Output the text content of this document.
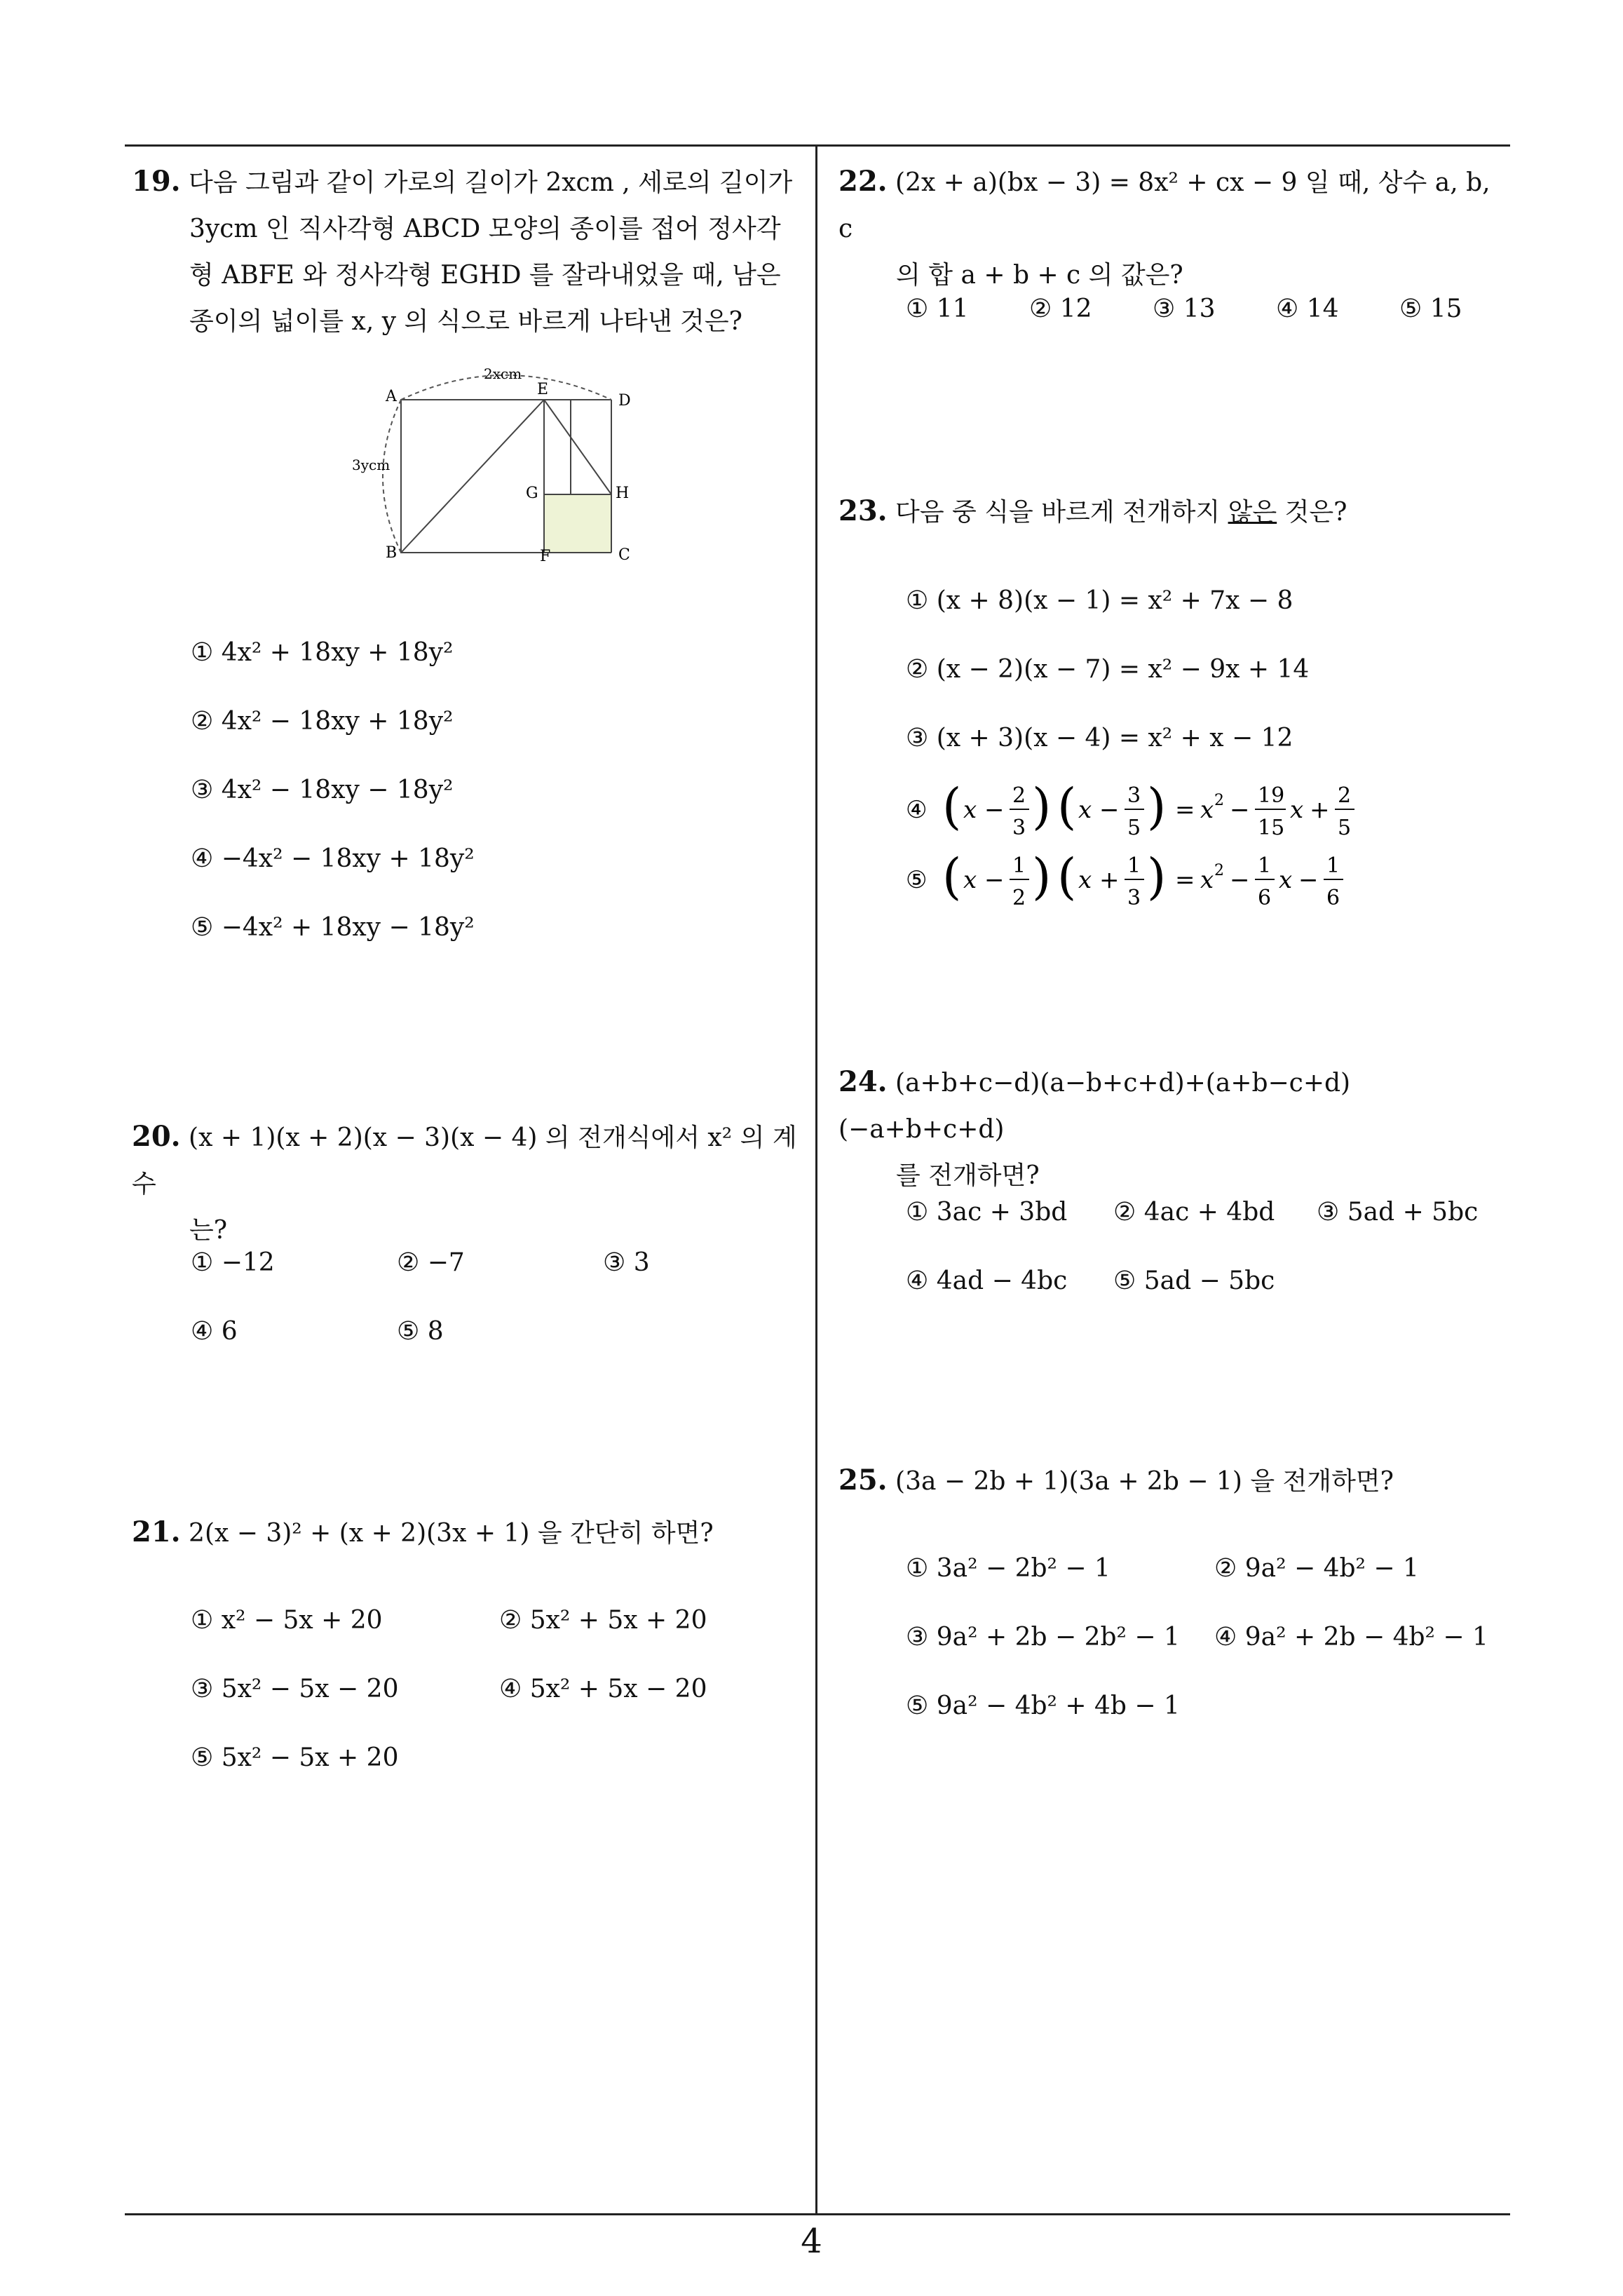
19. 다음 그림과 같이 가로의 길이가 2xcm , 세로의 길이가
3ycm 인 직사각형 ABCD 모양의 종이를 접어 정사각
형 ABFE 와 정사각형 EGHD 를 잘라내었을 때, 남은
종이의 넓이를 x, y 의 식으로 바르게 나타낸 것은?
2xcm
3ycm
A	E
D
B	F	C
G	H
① 4x² + 18xy + 18y²
② 4x² − 18xy + 18y²
③ 4x² − 18xy − 18y²
④ −4x² − 18xy + 18y²
⑤ −4x² + 18xy − 18y²
20. (x + 1)(x + 2)(x − 3)(x − 4) 의 전개식에서 x² 의 계수
는?
① −12	② −7	③ 3
④ 6	⑤ 8
21. 2(x − 3)² + (x + 2)(3x + 1) 을 간단히 하면?
① x² − 5x + 20	② 5x² + 5x + 20
③ 5x² − 5x − 20	④ 5x² + 5x − 20
⑤ 5x² − 5x + 20
22. (2x + a)(bx − 3) = 8x² + cx − 9 일 때, 상수 a, b, c
의 합 a + b + c 의 값은?
① 11 ② 12 ③ 13 ④ 14 ⑤ 15
23. 다음 중 식을 바르게 전개하지 않은 것은?
① (x + 8)(x − 1) = x² + 7x − 8
② (x − 2)(x − 7) = x² − 9x + 14
③ (x + 3)(x − 4) = x² + x − 12
④ ( x −
2
3 ) ( x −
3
5 ) = x 2 −
19
15
x +
2
5
⑤ ( x −
1
2 ) ( x +
1
3 ) = x 2 −
1
6
x −
1
6
24. (a+b+c−d)(a−b+c+d)+(a+b−c+d)(−a+b+c+d)
를 전개하면?
① 3ac + 3bd ② 4ac + 4bd ③ 5ad + 5bc
④ 4ad − 4bc ⑤ 5ad − 5bc
25. (3a − 2b + 1)(3a + 2b − 1) 을 전개하면?
① 3a² − 2b² − 1	② 9a² − 4b² − 1
③ 9a² + 2b − 2b² − 1 ④ 9a² + 2b − 4b² − 1
⑤ 9a² − 4b² + 4b − 1
4
